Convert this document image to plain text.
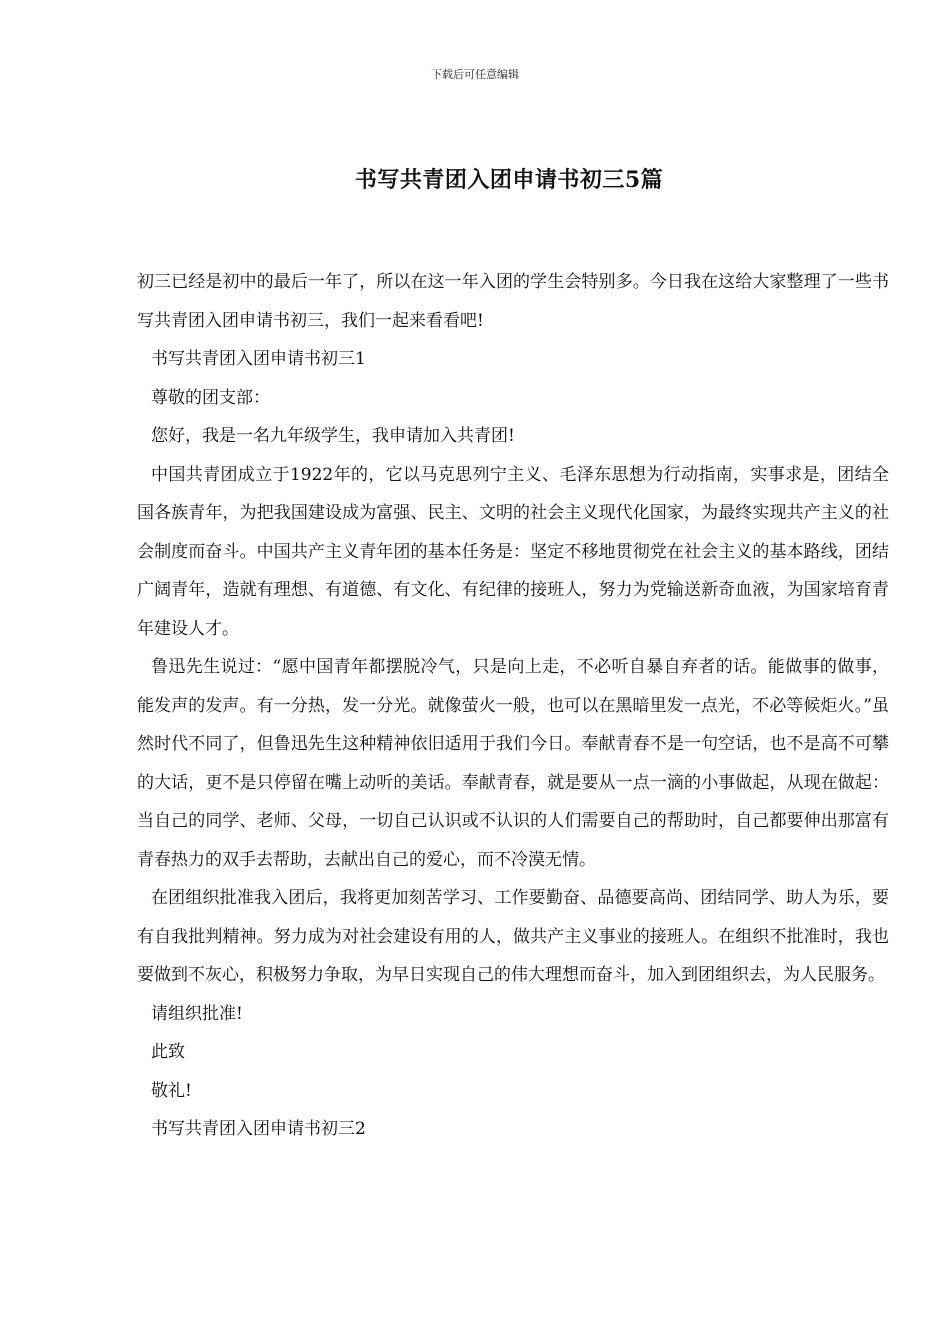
下载后可任意编辑
书写共青团入团申请书初三5篇

初三已经是初中的最后一年了，所以在这一年入团的学生会特别多。今日我在这给大家整理了一些书写共青团入团申请书初三，我们一起来看看吧!

书写共青团入团申请书初三1

尊敬的团支部：

您好，我是一名九年级学生，我申请加入共青团!

中国共青团成立于1922年的，它以马克思列宁主义、毛泽东思想为行动指南，实事求是，团结全国各族青年，为把我国建设成为富强、民主、文明的社会主义现代化国家，为最终实现共产主义的社会制度而奋斗。中国共产主义青年团的基本任务是：坚定不移地贯彻党在社会主义的基本路线，团结广阔青年，造就有理想、有道德、有文化、有纪律的接班人，努力为党输送新奇血液，为国家培育青年建设人才。

鲁迅先生说过：“愿中国青年都摆脱冷气，只是向上走，不必听自暴自弃者的话。能做事的做事，能发声的发声。有一分热，发一分光。就像萤火一般，也可以在黑暗里发一点光，不必等候炬火。”虽然时代不同了，但鲁迅先生这种精神依旧适用于我们今日。奉献青春不是一句空话，也不是高不可攀的大话，更不是只停留在嘴上动听的美话。奉献青春，就是要从一点一滴的小事做起，从现在做起：当自己的同学、老师、父母，一切自己认识或不认识的人们需要自己的帮助时，自己都要伸出那富有青春热力的双手去帮助，去献出自己的爱心，而不冷漠无情。

在团组织批准我入团后，我将更加刻苦学习、工作要勤奋、品德要高尚、团结同学、助人为乐，要有自我批判精神。努力成为对社会建设有用的人，做共产主义事业的接班人。在组织不批准时，我也要做到不灰心，积极努力争取，为早日实现自己的伟大理想而奋斗，加入到团组织去，为人民服务。

请组织批准!

此致

敬礼!

书写共青团入团申请书初三2
